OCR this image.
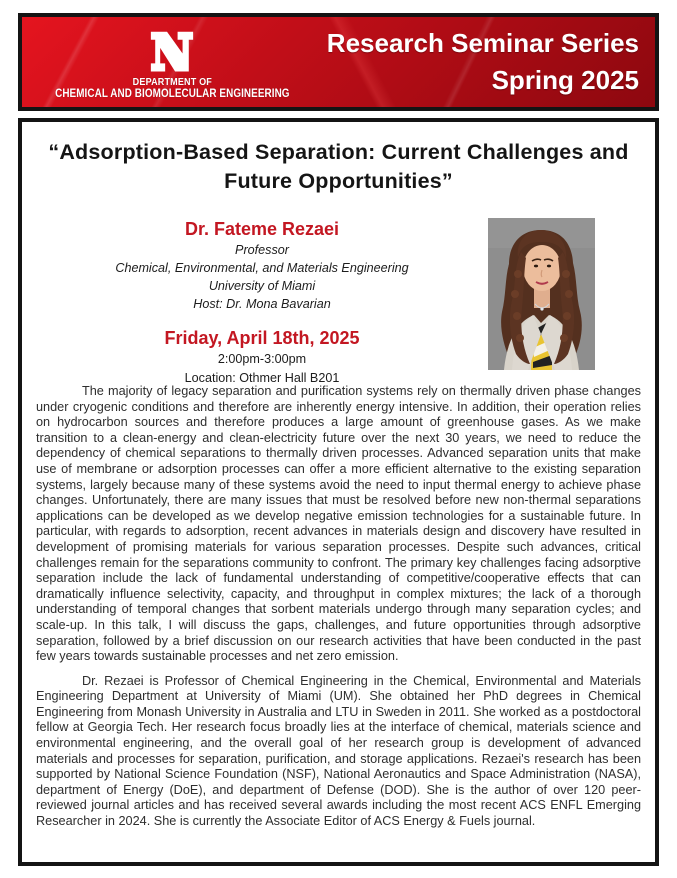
DEPARTMENT OF
CHEMICAL AND BIOMOLECULAR ENGINEERING
Research Seminar Series
Spring 2025
“Adsorption-Based Separation: Current Challenges and Future Opportunities”
Dr. Fateme Rezaei
Professor
Chemical, Environmental, and Materials Engineering
University of Miami
Host: Dr. Mona Bavarian
Friday, April 18th, 2025
2:00pm-3:00pm
Location: Othmer Hall B201

The majority of legacy separation and purification systems rely on thermally driven phase changes under cryogenic conditions and therefore are inherently energy intensive. In addition, their operation relies on hydrocarbon sources and therefore produces a large amount of greenhouse gases. As we make transition to a clean-energy and clean-electricity future over the next 30 years, we need to reduce the dependency of chemical separations to thermally driven processes. Advanced separation units that make use of membrane or adsorption processes can offer a more efficient alternative to the existing separation systems, largely because many of these systems avoid the need to input thermal energy to achieve phase changes. Unfortunately, there are many issues that must be resolved before new non-thermal separations applications can be developed as we develop negative emission technologies for a sustainable future. In particular, with regards to adsorption, recent advances in materials design and discovery have resulted in development of promising materials for various separation processes. Despite such advances, critical challenges remain for the separations community to confront. The primary key challenges facing adsorptive separation include the lack of fundamental understanding of competitive/cooperative effects that can dramatically influence selectivity, capacity, and throughput in complex mixtures; the lack of a thorough understanding of temporal changes that sorbent materials undergo through many separation cycles; and scale-up. In this talk, I will discuss the gaps, challenges, and future opportunities through adsorptive separation, followed by a brief discussion on our research activities that have been conducted in the past few years towards sustainable processes and net zero emission.

Dr. Rezaei is Professor of Chemical Engineering in the Chemical, Environmental and Materials Engineering Department at University of Miami (UM). She obtained her PhD degrees in Chemical Engineering from Monash University in Australia and LTU in Sweden in 2011. She worked as a postdoctoral fellow at Georgia Tech. Her research focus broadly lies at the interface of chemical, materials science and environmental engineering, and the overall goal of her research group is development of advanced materials and processes for separation, purification, and storage applications. Rezaei's research has been supported by National Science Foundation (NSF), National Aeronautics and Space Administration (NASA), department of Energy (DoE), and department of Defense (DOD). She is the author of over 120 peer-reviewed journal articles and has received several awards including the most recent ACS ENFL Emerging Researcher in 2024. She is currently the Associate Editor of ACS Energy & Fuels journal.
